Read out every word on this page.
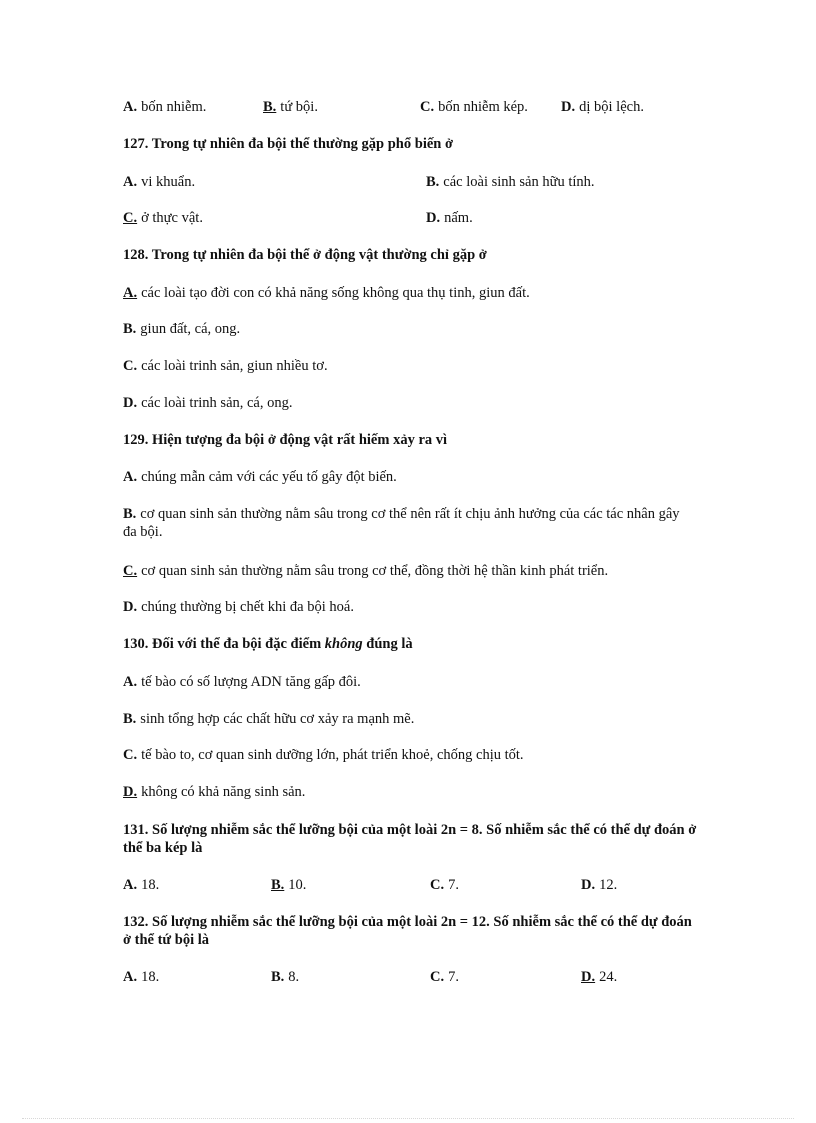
A. bốn nhiễm.	B. tứ bội.	C. bốn nhiễm kép. D. dị bội lệch.
127. Trong tự nhiên đa bội thể thường gặp phổ biến ở
A. vi khuẩn.	B. các loài sinh sản hữu tính.
C. ở thực vật.	D. nấm.
128. Trong tự nhiên đa bội thể ở động vật thường chỉ gặp ở
A. các loài tạo đời con có khả năng sống không qua thụ tinh, giun đất.
B. giun đất, cá, ong.
C. các loài trinh sản, giun nhiều tơ.
D. các loài trinh sản, cá, ong.
129. Hiện tượng đa bội ở động vật rất hiếm xảy ra vì
A. chúng mẫn cảm với các yếu tố gây đột biến.
B. cơ quan sinh sản thường nằm sâu trong cơ thể nên rất ít chịu ảnh hưởng của các tác nhân gây đa bội.
C. cơ quan sinh sản thường nằm sâu trong cơ thể, đồng thời hệ thần kinh phát triển.
D. chúng thường bị chết khi đa bội hoá.
130. Đối với thể đa bội đặc điểm không đúng là
A. tế bào có số lượng ADN tăng gấp đôi.
B. sinh tổng hợp các chất hữu cơ xảy ra mạnh mẽ.
C. tế bào to, cơ quan sinh dưỡng lớn, phát triển khoẻ, chống chịu tốt.
D. không có khả năng sinh sản.
131. Số lượng nhiễm sắc thể lưỡng bội của một loài 2n = 8. Số nhiễm sắc thể có thể dự đoán ở thể ba kép là
A. 18.	B. 10.	C. 7.	D. 12.
132. Số lượng nhiễm sắc thể lưỡng bội của một loài 2n = 12. Số nhiễm sắc thể có thể dự đoán ở thể tứ bội là
A. 18.	B. 8.	C. 7.	D. 24.
